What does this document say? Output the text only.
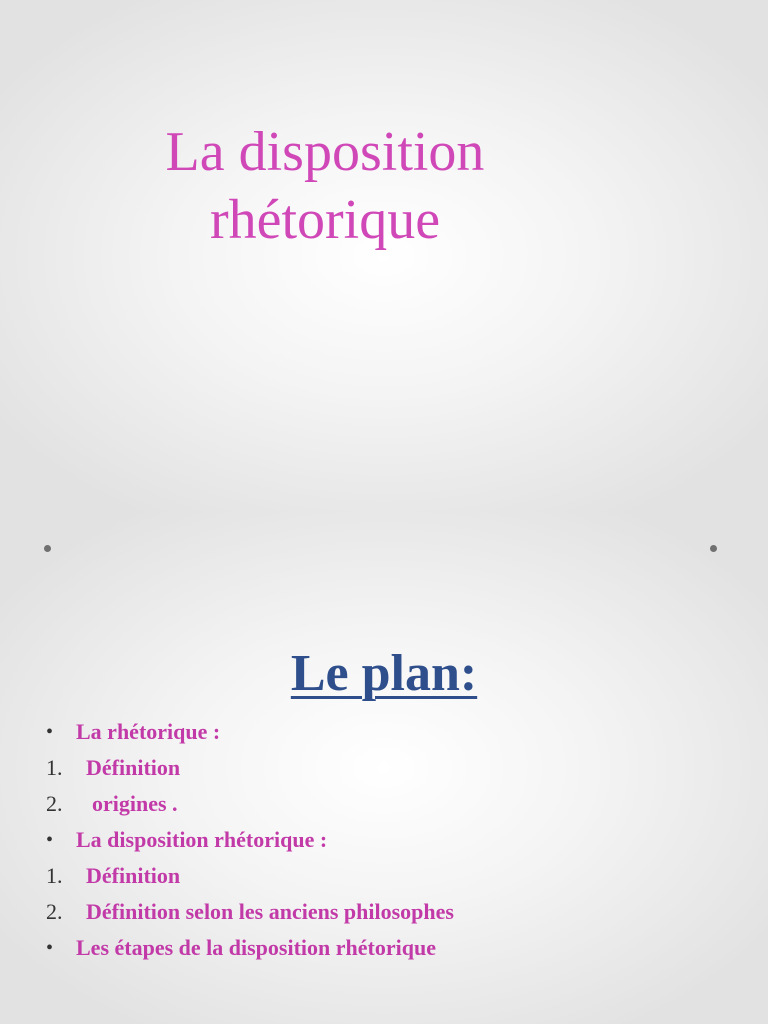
La disposition
rhétorique
Le plan:
• La rhétorique :
1. Définition
2. origines .
• La disposition rhétorique :
1. Définition
2. Définition selon les anciens philosophes
• Les étapes de la disposition rhétorique
